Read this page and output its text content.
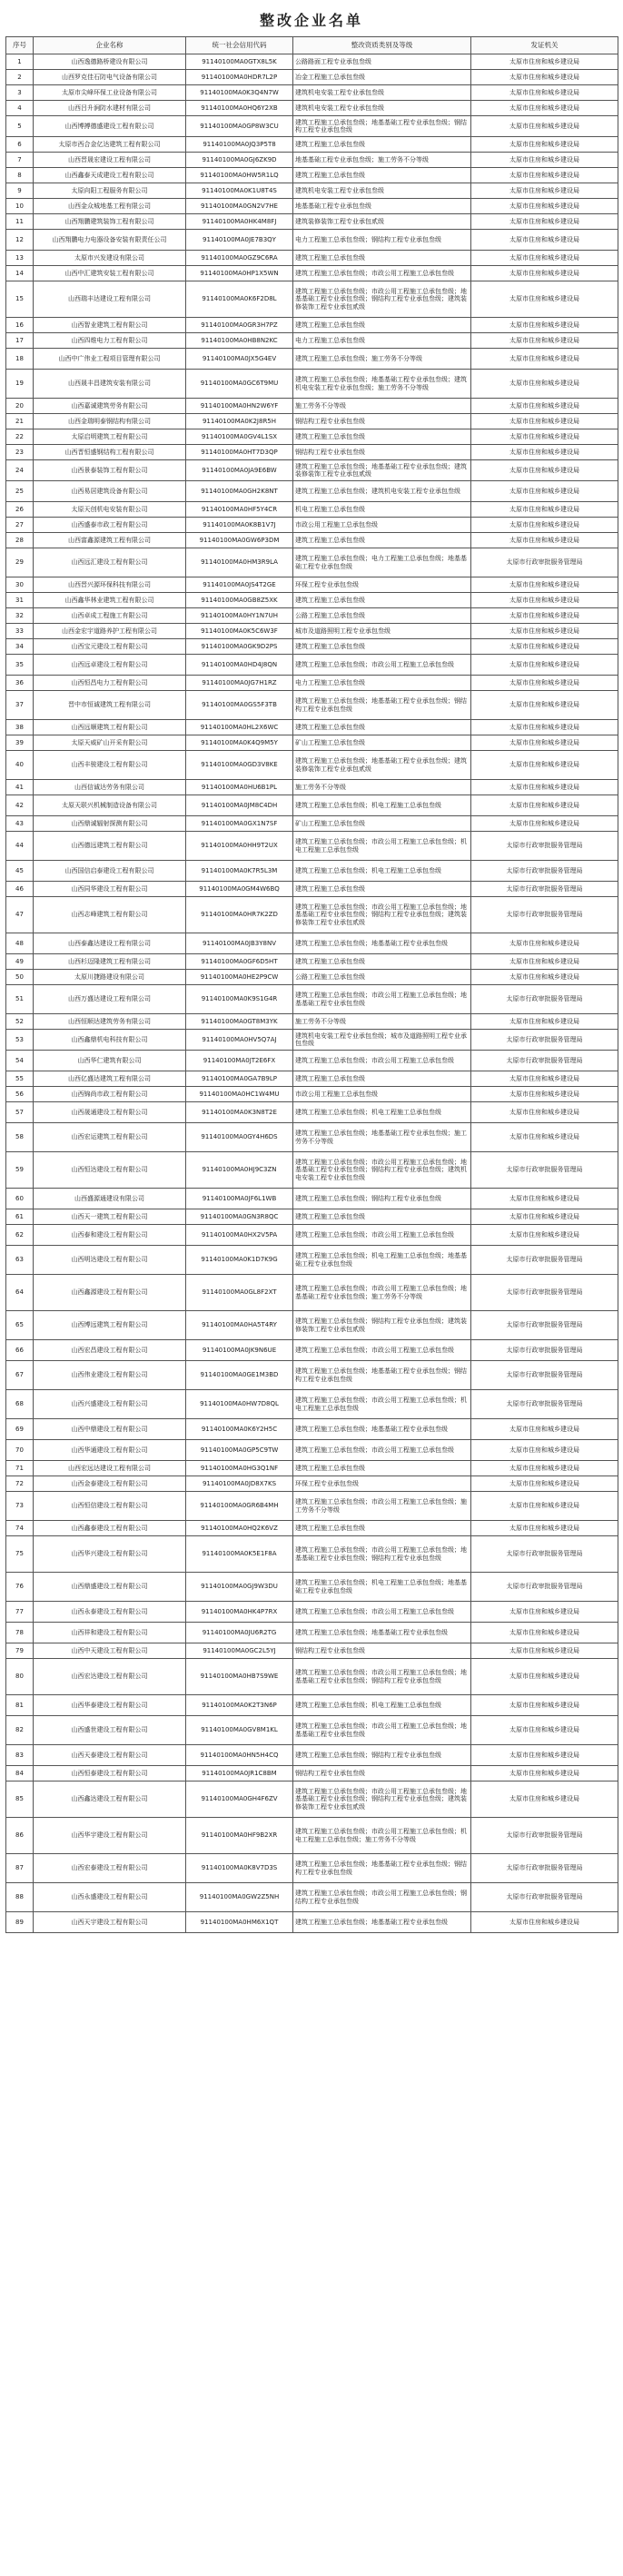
整改企业名单
序号	企业名称	统一社会信用代码	整改资质类别及等级	发证机关
1	山西逸德路桥建设有限公司	91140100MA0GTX8L5K	公路路面工程专业承包叁级	太原市住房和城乡建设局
2	山西罗克佳石防电气设备有限公司	91140100MA0HDR7L2P	冶金工程施工总承包叁级	太原市住房和城乡建设局
3	太原市尖峰环保工业设备有限公司	91140100MA0K3Q4N7W	建筑机电安装工程专业承包叁级	太原市住房和城乡建设局
4	山西吕升涧防水建材有限公司	91140100MA0HQ6Y2XB	建筑机电安装工程专业承包叁级	太原市住房和城乡建设局
5	山西博搏德盛建设工程有限公司	91140100MA0GP8W3CU	建筑工程施工总承包叁级；地基基础工程专业承包叁级；钢结构工程专业承包叁级	太原市住房和城乡建设局
6	太原市西合金亿达建筑工程有限公司	91140100MA0JQ3P5T8	建筑工程施工总承包叁级	太原市住房和城乡建设局
7	山西晋晟宏建设工程有限公司	91140100MA0GJ6ZK9D	地基基础工程专业承包叁级；施工劳务不分等级	太原市住房和城乡建设局
8	山西鑫泰天成建设工程有限公司	91140100MA0HW5R1LQ	建筑工程施工总承包叁级	太原市住房和城乡建设局
9	太原向阳工程服务有限公司	91140100MA0K1U8T4S	建筑机电安装工程专业承包叁级	太原市住房和城乡建设局
10	山西金众城地基工程有限公司	91140100MA0GN2V7HE	地基基础工程专业承包叁级	太原市住房和城乡建设局
11	山西翔鹏建筑装饰工程有限公司	91140100MA0HK4M8FJ	建筑装修装饰工程专业承包贰级	太原市住房和城乡建设局
12	山西翔鹏电力电器设备安装有限责任公司	91140100MA0JE7B3QY	电力工程施工总承包叁级；钢结构工程专业承包叁级	太原市住房和城乡建设局
13	太原市兴发建设有限公司	91140100MA0GZ9C6RA	建筑工程施工总承包叁级	太原市住房和城乡建设局
14	山西中汇建筑安装工程有限公司	91140100MA0HP1X5WN	建筑工程施工总承包叁级；市政公用工程施工总承包叁级	太原市住房和城乡建设局
15	山西瑞丰达建设工程有限公司	91140100MA0K6F2D8L	建筑工程施工总承包叁级；市政公用工程施工总承包叁级；地基基础工程专业承包叁级；钢结构工程专业承包叁级；建筑装修装饰工程专业承包贰级	太原市住房和城乡建设局
16	山西智业建筑工程有限公司	91140100MA0GR3H7PZ	建筑工程施工总承包叁级	太原市住房和城乡建设局
17	山西四维电力工程有限公司	91140100MA0HB8N2KC	电力工程施工总承包叁级	太原市住房和城乡建设局
18	山西中广伟业工程项目管理有限公司	91140100MA0JX5G4EV	建筑工程施工总承包叁级；施工劳务不分等级	太原市住房和城乡建设局
19	山西晟丰昌建筑安装有限公司	91140100MA0GC6T9MU	建筑工程施工总承包叁级；地基基础工程专业承包叁级；建筑机电安装工程专业承包叁级；施工劳务不分等级	太原市住房和城乡建设局
20	山西嘉诚建筑劳务有限公司	91140100MA0HN2W6YF	施工劳务不分等级	太原市住房和城乡建设局
21	山西金瑞明泰钢结构有限公司	91140100MA0K2J8R5H	钢结构工程专业承包叁级	太原市住房和城乡建设局
22	太原启明建筑工程有限公司	91140100MA0GV4L1SX	建筑工程施工总承包叁级	太原市住房和城乡建设局
23	山西晋恒盛钢结构工程有限公司	91140100MA0HT7D3QP	钢结构工程专业承包叁级	太原市住房和城乡建设局
24	山西景泰装饰工程有限公司	91140100MA0JA9E6BW	建筑工程施工总承包叁级；地基基础工程专业承包叁级；建筑装修装饰工程专业承包贰级	太原市住房和城乡建设局
25	山西易居建筑设备有限公司	91140100MA0GH2K8NT	建筑工程施工总承包叁级；建筑机电安装工程专业承包叁级	太原市住房和城乡建设局
26	太原天创机电安装有限公司	91140100MA0HF5Y4CR	机电工程施工总承包叁级	太原市住房和城乡建设局
27	山西盛泰市政工程有限公司	91140100MA0K8B1V7J	市政公用工程施工总承包叁级	太原市住房和城乡建设局
28	山西富鑫源建筑工程有限公司	91140100MA0GW6P3DM	建筑工程施工总承包叁级	太原市住房和城乡建设局
29	山西远汇建设工程有限公司	91140100MA0HM3R9LA	建筑工程施工总承包叁级；电力工程施工总承包叁级；地基基础工程专业承包叁级	太原市行政审批服务管理局
30	山西晋兴源环保科技有限公司	91140100MA0JS4T2GE	环保工程专业承包叁级	太原市住房和城乡建设局
31	山西鑫华林业建筑工程有限公司	91140100MA0GB8Z5XK	建筑工程施工总承包叁级	太原市住房和城乡建设局
32	山西卓成工程施工有限公司	91140100MA0HY1N7UH	公路工程施工总承包叁级	太原市住房和城乡建设局
33	山西金宏宇道路养护工程有限公司	91140100MA0K5C6W3F	城市及道路照明工程专业承包叁级	太原市住房和城乡建设局
34	山西宝元建设工程有限公司	91140100MA0GK9D2PS	建筑工程施工总承包叁级	太原市住房和城乡建设局
35	山西远卓建设工程有限公司	91140100MA0HD4J8QN	建筑工程施工总承包叁级；市政公用工程施工总承包叁级	太原市住房和城乡建设局
36	山西恒昌电力工程有限公司	91140100MA0JG7H1RZ	电力工程施工总承包叁级	太原市住房和城乡建设局
37	晋中市恒诚建筑工程有限公司	91140100MA0GS5F3TB	建筑工程施工总承包叁级；地基基础工程专业承包叁级；钢结构工程专业承包叁级	太原市住房和城乡建设局
38	山西远顺建筑工程有限公司	91140100MA0HL2X6WC	建筑工程施工总承包叁级	太原市住房和城乡建设局
39	太原天威矿山开采有限公司	91140100MA0K4Q9M5Y	矿山工程施工总承包叁级	太原市住房和城乡建设局
40	山西丰骏建设工程有限公司	91140100MA0GD3V8KE	建筑工程施工总承包叁级；地基基础工程专业承包叁级；建筑装修装饰工程专业承包贰级	太原市住房和城乡建设局
41	山西信诚达劳务有限公司	91140100MA0HU6B1PL	施工劳务不分等级	太原市住房和城乡建设局
42	太原天联兴机械制造设备有限公司	91140100MA0JM8C4DH	建筑工程施工总承包叁级；机电工程施工总承包叁级	太原市住房和城乡建设局
43	山西鼎诚辐射探测有限公司	91140100MA0GX1N7SF	矿山工程施工总承包叁级	太原市住房和城乡建设局
44	山西德远建筑工程有限公司	91140100MA0HH9T2UX	建筑工程施工总承包叁级；市政公用工程施工总承包叁级；机电工程施工总承包叁级	太原市行政审批服务管理局
45	山西国信启泰建设工程有限公司	91140100MA0K7R5L3M	建筑工程施工总承包叁级；机电工程施工总承包叁级	太原市行政审批服务管理局
46	山西同华建设工程有限公司	91140100MA0GM4W6BQ	建筑工程施工总承包叁级	太原市行政审批服务管理局
47	山西志峰建筑工程有限公司	91140100MA0HR7K2ZD	建筑工程施工总承包叁级；市政公用工程施工总承包叁级；地基基础工程专业承包叁级；钢结构工程专业承包叁级；建筑装修装饰工程专业承包贰级	太原市行政审批服务管理局
48	山西泰鑫达建设工程有限公司	91140100MA0JB3Y8NV	建筑工程施工总承包叁级；地基基础工程专业承包叁级	太原市住房和城乡建设局
49	山西杉迈隆建筑工程有限公司	91140100MA0GF6D5HT	建筑工程施工总承包叁级	太原市住房和城乡建设局
50	太原川捷路建设有限公司	91140100MA0HE2P9CW	公路工程施工总承包叁级	太原市住房和城乡建设局
51	山西万盛达建设工程有限公司	91140100MA0K9S1G4R	建筑工程施工总承包叁级；市政公用工程施工总承包叁级；地基基础工程专业承包叁级	太原市行政审批服务管理局
52	山西恒顺达建筑劳务有限公司	91140100MA0GT8M3YK	施工劳务不分等级	太原市住房和城乡建设局
53	山西鑫鼎机电科技有限公司	91140100MA0HV5Q7AJ	建筑机电安装工程专业承包叁级；城市及道路照明工程专业承包叁级	太原市行政审批服务管理局
54	山西华仁建筑有限公司	91140100MA0JT2E6FX	建筑工程施工总承包叁级；市政公用工程施工总承包叁级	太原市行政审批服务管理局
55	山西亿盛达建筑工程有限公司	91140100MA0GA7B9LP	建筑工程施工总承包叁级	太原市住房和城乡建设局
56	山西锦尚市政工程有限公司	91140100MA0HC1W4MU	市政公用工程施工总承包叁级	太原市住房和城乡建设局
57	山西晟通建设工程有限公司	91140100MA0K3N8T2E	建筑工程施工总承包叁级；机电工程施工总承包叁级	太原市住房和城乡建设局
58	山西宏运建筑工程有限公司	91140100MA0GY4H6DS	建筑工程施工总承包叁级；地基基础工程专业承包叁级；施工劳务不分等级	太原市住房和城乡建设局
59	山西恒达建设工程有限公司	91140100MA0HJ9C3ZN	建筑工程施工总承包叁级；市政公用工程施工总承包叁级；地基基础工程专业承包叁级；钢结构工程专业承包叁级；建筑机电安装工程专业承包叁级	太原市行政审批服务管理局
60	山西盛源通建设有限公司	91140100MA0JF6L1WB	建筑工程施工总承包叁级；钢结构工程专业承包叁级	太原市住房和城乡建设局
61	山西天一建筑工程有限公司	91140100MA0GN3R8QC	建筑工程施工总承包叁级	太原市住房和城乡建设局
62	山西泰和建设工程有限公司	91140100MA0HX2V5PA	建筑工程施工总承包叁级；市政公用工程施工总承包叁级	太原市住房和城乡建设局
63	山西明达建设工程有限公司	91140100MA0K1D7K9G	建筑工程施工总承包叁级；机电工程施工总承包叁级；地基基础工程专业承包叁级	太原市行政审批服务管理局
64	山西鑫源建设工程有限公司	91140100MA0GL8F2XT	建筑工程施工总承包叁级；市政公用工程施工总承包叁级；地基基础工程专业承包叁级；施工劳务不分等级	太原市行政审批服务管理局
65	山西博远建筑工程有限公司	91140100MA0HA5T4RY	建筑工程施工总承包叁级；钢结构工程专业承包叁级；建筑装修装饰工程专业承包贰级	太原市行政审批服务管理局
66	山西宏昌建设工程有限公司	91140100MA0JK9N6UE	建筑工程施工总承包叁级；市政公用工程施工总承包叁级	太原市行政审批服务管理局
67	山西伟业建设工程有限公司	91140100MA0GE1M3BD	建筑工程施工总承包叁级；地基基础工程专业承包叁级；钢结构工程专业承包叁级	太原市行政审批服务管理局
68	山西兴盛建设工程有限公司	91140100MA0HW7D8QL	建筑工程施工总承包叁级；市政公用工程施工总承包叁级；机电工程施工总承包叁级	太原市行政审批服务管理局
69	山西中鼎建设工程有限公司	91140100MA0K6Y2H5C	建筑工程施工总承包叁级；地基基础工程专业承包叁级	太原市住房和城乡建设局
70	山西华通建设工程有限公司	91140100MA0GP5C9TW	建筑工程施工总承包叁级；市政公用工程施工总承包叁级	太原市住房和城乡建设局
71	山西宏远达建设工程有限公司	91140100MA0HG3Q1NF	建筑工程施工总承包叁级	太原市住房和城乡建设局
72	山西金泰建设工程有限公司	91140100MA0JD8X7KS	环保工程专业承包叁级	太原市住房和城乡建设局
73	山西恒信建设工程有限公司	91140100MA0GR6B4MH	建筑工程施工总承包叁级；市政公用工程施工总承包叁级；施工劳务不分等级	太原市住房和城乡建设局
74	山西鑫泰建设工程有限公司	91140100MA0HQ2K6VZ	建筑工程施工总承包叁级	太原市住房和城乡建设局
75	山西华兴建设工程有限公司	91140100MA0K5E1F8A	建筑工程施工总承包叁级；市政公用工程施工总承包叁级；地基基础工程专业承包叁级；钢结构工程专业承包叁级	太原市行政审批服务管理局
76	山西鼎盛建设工程有限公司	91140100MA0GJ9W3DU	建筑工程施工总承包叁级；机电工程施工总承包叁级；地基基础工程专业承包叁级	太原市行政审批服务管理局
77	山西永泰建设工程有限公司	91140100MA0HK4P7RX	建筑工程施工总承包叁级；市政公用工程施工总承包叁级	太原市住房和城乡建设局
78	山西祥和建设工程有限公司	91140100MA0JU6R2TG	建筑工程施工总承包叁级；地基基础工程专业承包叁级	太原市住房和城乡建设局
79	山西中天建设工程有限公司	91140100MA0GC2L5YJ	钢结构工程专业承包叁级	太原市住房和城乡建设局
80	山西宏达建设工程有限公司	91140100MA0HB7S9WE	建筑工程施工总承包叁级；市政公用工程施工总承包叁级；地基基础工程专业承包叁级；钢结构工程专业承包叁级	太原市住房和城乡建设局
81	山西华泰建设工程有限公司	91140100MA0K2T3N6P	建筑工程施工总承包叁级；机电工程施工总承包叁级	太原市住房和城乡建设局
82	山西盛世建设工程有限公司	91140100MA0GV8M1KL	建筑工程施工总承包叁级；市政公用工程施工总承包叁级；地基基础工程专业承包叁级	太原市住房和城乡建设局
83	山西天泰建设工程有限公司	91140100MA0HN5H4CQ	建筑工程施工总承包叁级；钢结构工程专业承包叁级	太原市住房和城乡建设局
84	山西恒泰建设工程有限公司	91140100MA0JR1C8BM	钢结构工程专业承包叁级	太原市住房和城乡建设局
85	山西鑫达建设工程有限公司	91140100MA0GH4F6ZV	建筑工程施工总承包叁级；市政公用工程施工总承包叁级；地基基础工程专业承包叁级；钢结构工程专业承包叁级；建筑装修装饰工程专业承包贰级	太原市住房和城乡建设局
86	山西华宇建设工程有限公司	91140100MA0HF9B2XR	建筑工程施工总承包叁级；市政公用工程施工总承包叁级；机电工程施工总承包叁级；施工劳务不分等级	太原市行政审批服务管理局
87	山西宏泰建设工程有限公司	91140100MA0K8V7D3S	建筑工程施工总承包叁级；地基基础工程专业承包叁级；钢结构工程专业承包叁级	太原市行政审批服务管理局
88	山西永盛建设工程有限公司	91140100MA0GW2Z5NH	建筑工程施工总承包叁级；市政公用工程施工总承包叁级；钢结构工程专业承包叁级	太原市行政审批服务管理局
89	山西天宇建设工程有限公司	91140100MA0HM6X1QT	建筑工程施工总承包叁级；地基基础工程专业承包叁级	太原市住房和城乡建设局
